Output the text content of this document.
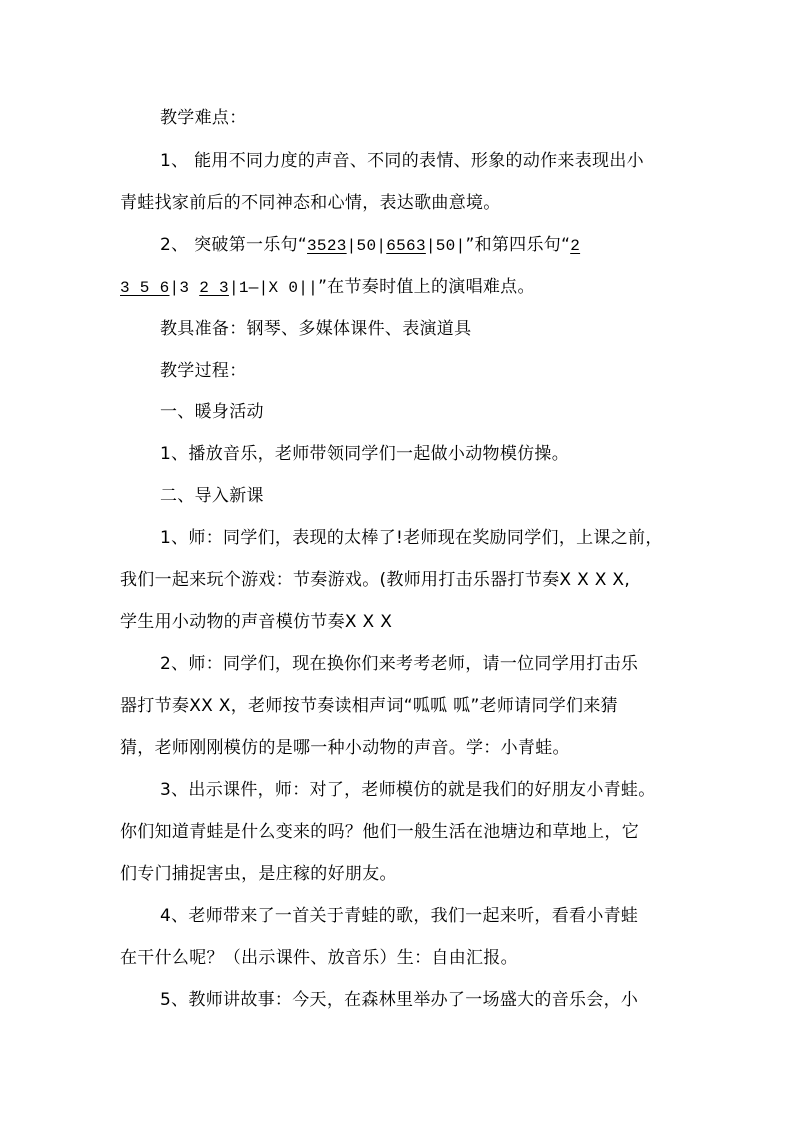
教学难点：
1、 能用不同力度的声音、不同的表情、形象的动作来表现出小
青蛙找家前后的不同神态和心情，表达歌曲意境。
2、 突破第一乐句“3523|50|6563|50|”和第四乐句“2
3 5 6|3 2 3|1—|X 0||”在节奏时值上的演唱难点。
教具准备：钢琴、多媒体课件、表演道具
教学过程：
一、暖身活动
1、播放音乐，老师带领同学们一起做小动物模仿操。
二、导入新课
1、师：同学们，表现的太棒了!老师现在奖励同学们，上课之前，
我们一起来玩个游戏：节奏游戏。(教师用打击乐器打节奏X X X X,
学生用小动物的声音模仿节奏X X X
2、师：同学们，现在换你们来考考老师，请一位同学用打击乐
器打节奏XX X，老师按节奏读相声词“呱呱 呱”老师请同学们来猜
猜，老师刚刚模仿的是哪一种小动物的声音。学：小青蛙。
3、出示课件，师：对了，老师模仿的就是我们的好朋友小青蛙。
你们知道青蛙是什么变来的吗？他们一般生活在池塘边和草地上，它
们专门捕捉害虫，是庄稼的好朋友。
4、老师带来了一首关于青蛙的歌，我们一起来听，看看小青蛙
在干什么呢？（出示课件、放音乐）生：自由汇报。
5、教师讲故事：今天，在森林里举办了一场盛大的音乐会，小
